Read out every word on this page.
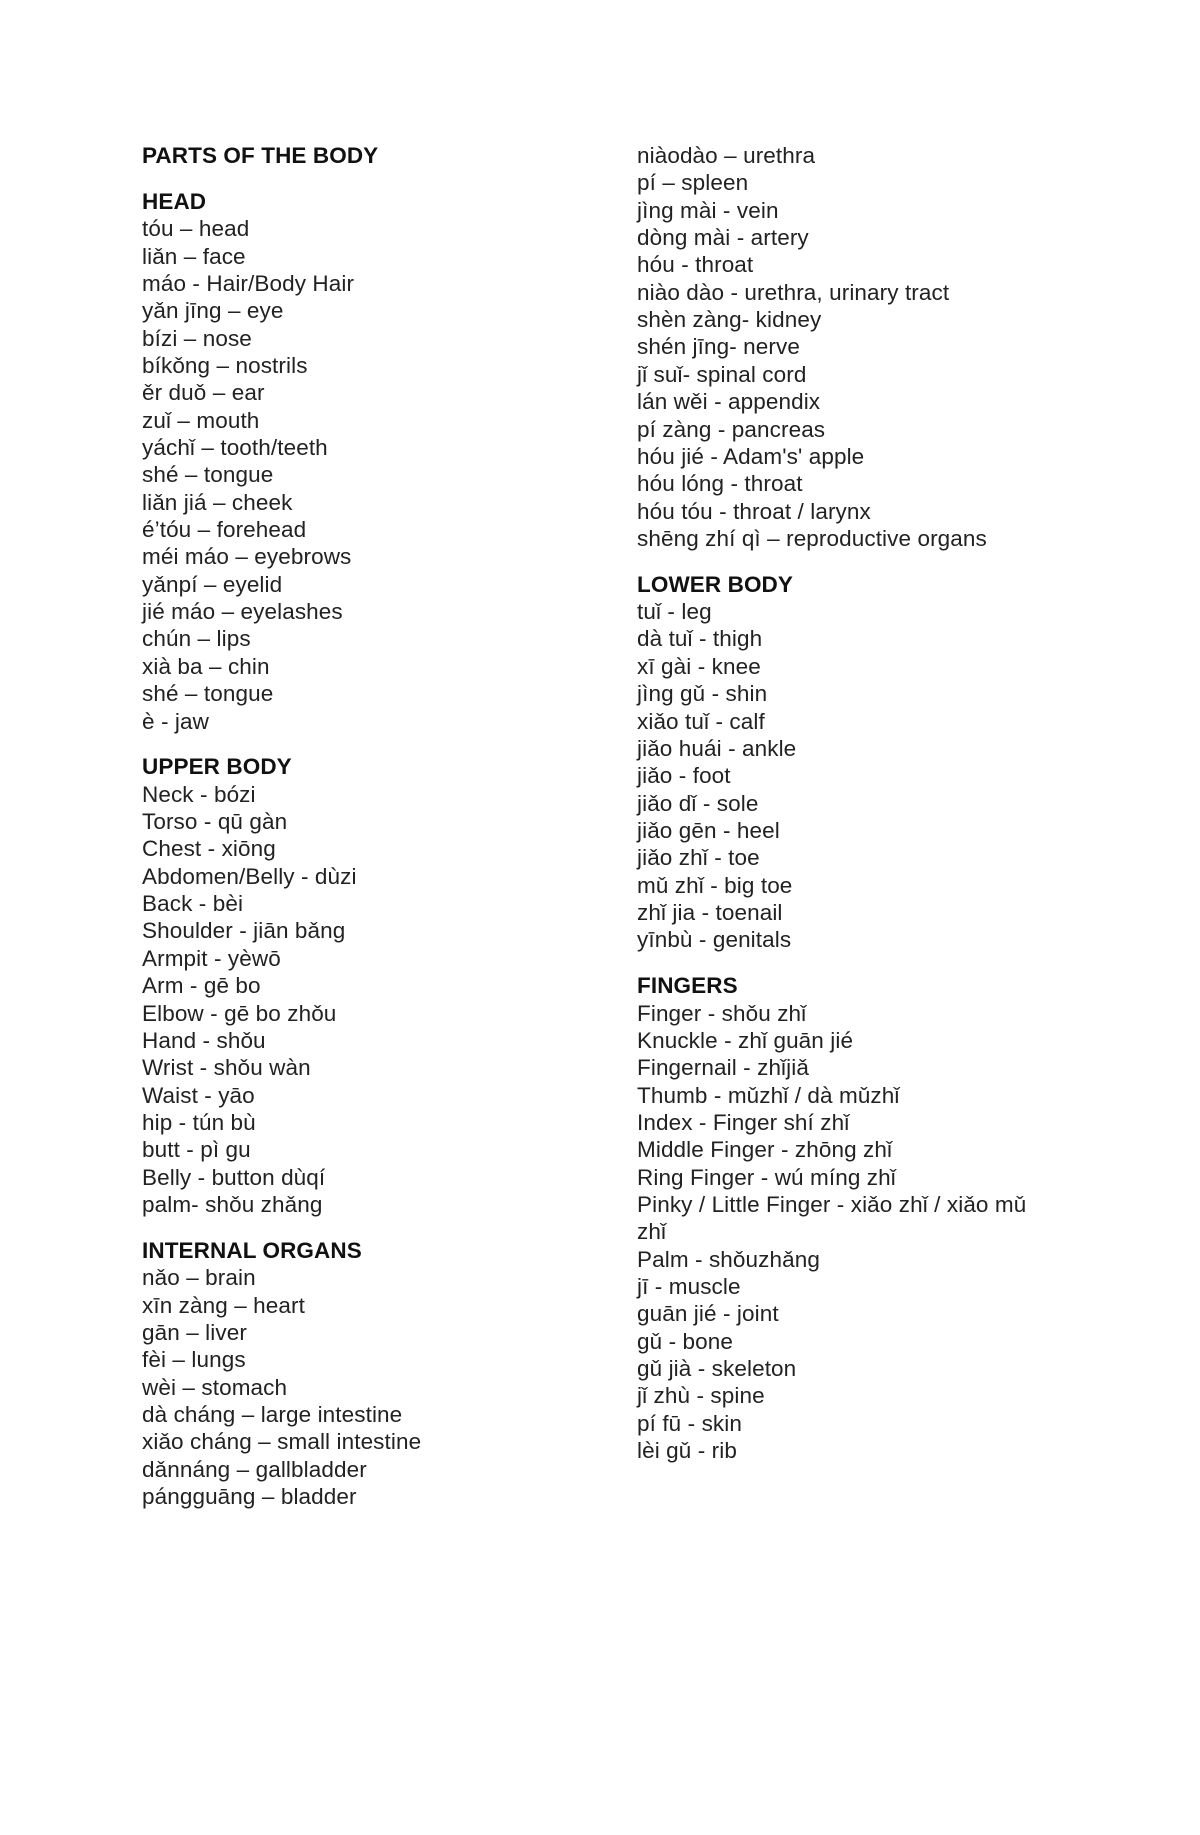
PARTS OF THE BODY
HEAD
tóu – head
liǎn – face
máo - Hair/Body Hair
yǎn jīng – eye
bízi – nose
bíkǒng – nostrils
ěr duǒ – ear
zuǐ – mouth
yáchǐ – tooth/teeth
shé – tongue
liǎn jiá – cheek
é’tóu – forehead
méi máo – eyebrows
yǎnpí – eyelid
jié máo – eyelashes
chún – lips
xià ba – chin
shé – tongue
è - jaw
UPPER BODY
Neck - bózi
Torso - qū gàn
Chest - xiōng
Abdomen/Belly - dùzi
Back - bèi
Shoulder - jiān bǎng
Armpit - yèwō
Arm - gē bo
Elbow - gē bo zhǒu
Hand - shǒu
Wrist - shǒu wàn
Waist - yāo
hip - tún bù
butt - pì gu
Belly - button dùqí
palm- shǒu zhǎng
INTERNAL ORGANS
nǎo – brain
xīn zàng – heart
gān – liver
fèi – lungs
wèi – stomach
dà cháng – large intestine
xiǎo cháng – small intestine
dǎnnáng – gallbladder
pángguāng – bladder
niàodào – urethra
pí – spleen
jìng mài - vein
dòng mài - artery
hóu - throat
niào dào - urethra, urinary tract
shèn zàng- kidney
shén jīng- nerve
jǐ suǐ- spinal cord
lán wěi - appendix
pí zàng - pancreas
hóu jié - Adam's' apple
hóu lóng - throat
hóu tóu - throat / larynx
shēng zhí qì – reproductive organs
LOWER BODY
tuǐ - leg
dà tuǐ - thigh
xī gài - knee
jìng gǔ - shin
xiǎo tuǐ - calf
jiǎo huái - ankle
jiǎo - foot
jiǎo dǐ - sole
jiǎo gēn - heel
jiǎo zhǐ - toe
mǔ zhǐ - big toe
zhǐ jia - toenail
yīnbù - genitals
FINGERS
Finger - shǒu zhǐ
Knuckle - zhǐ guān jié
Fingernail - zhǐjiǎ
Thumb - mǔzhǐ / dà mǔzhǐ
Index - Finger shí zhǐ
Middle Finger - zhōng zhǐ
Ring Finger - wú míng zhǐ
Pinky / Little Finger - xiǎo zhǐ / xiǎo mǔ
zhǐ
Palm - shǒuzhǎng
jī - muscle
guān jié - joint
gǔ - bone
gǔ jià - skeleton
jǐ zhù - spine
pí fū - skin
lèi gǔ - rib
